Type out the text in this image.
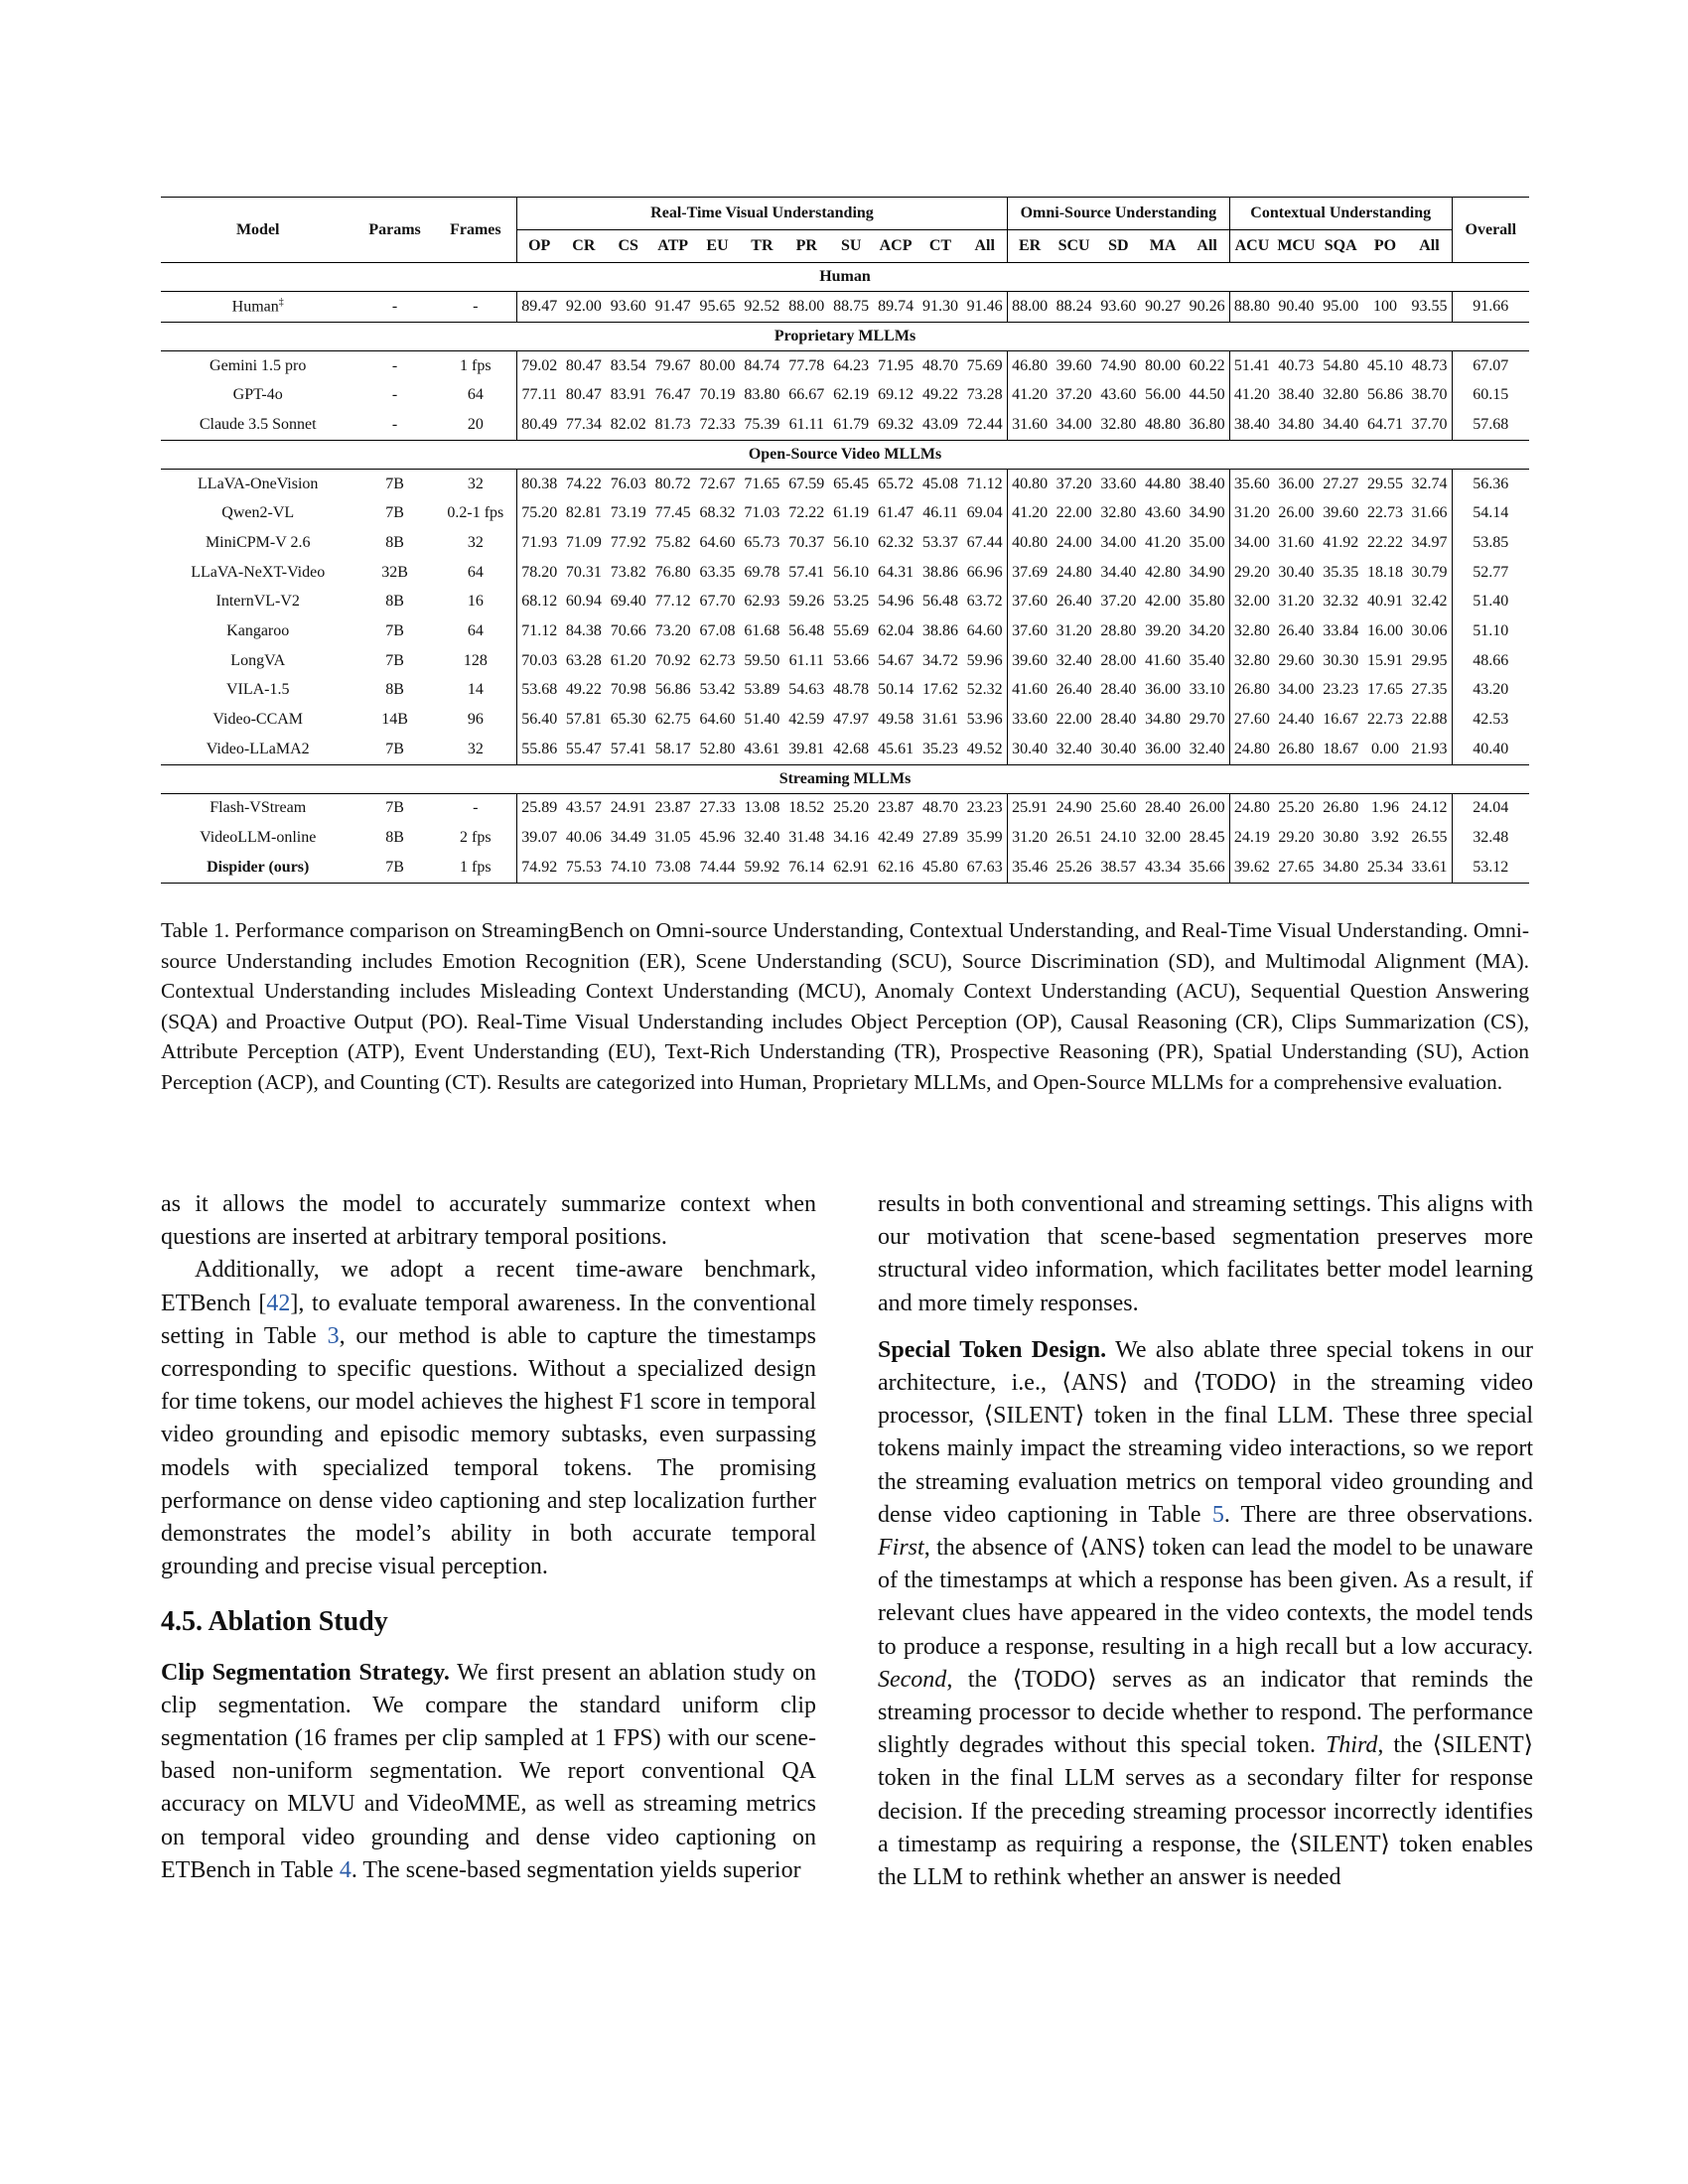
Model	Params	Frames	Real-Time Visual Understanding											Omni-Source Understanding					Contextual Understanding					Overall
			OP	CR	CS	ATP	EU	TR	PR	SU	ACP	CT	All	ER	SCU	SD	MA	All	ACU	MCU	SQA	PO	All	
Human																								
Human‡	-	-	89.47	92.00	93.60	91.47	95.65	92.52	88.00	88.75	89.74	91.30	91.46	88.00	88.24	93.60	90.27	90.26	88.80	90.40	95.00	100	93.55	91.66
Proprietary MLLMs																								
Gemini 1.5 pro	-	1 fps	79.02	80.47	83.54	79.67	80.00	84.74	77.78	64.23	71.95	48.70	75.69	46.80	39.60	74.90	80.00	60.22	51.41	40.73	54.80	45.10	48.73	67.07
GPT-4o	-	64	77.11	80.47	83.91	76.47	70.19	83.80	66.67	62.19	69.12	49.22	73.28	41.20	37.20	43.60	56.00	44.50	41.20	38.40	32.80	56.86	38.70	60.15
Claude 3.5 Sonnet	-	20	80.49	77.34	82.02	81.73	72.33	75.39	61.11	61.79	69.32	43.09	72.44	31.60	34.00	32.80	48.80	36.80	38.40	34.80	34.40	64.71	37.70	57.68
Open-Source Video MLLMs																								
LLaVA-OneVision	7B	32	80.38	74.22	76.03	80.72	72.67	71.65	67.59	65.45	65.72	45.08	71.12	40.80	37.20	33.60	44.80	38.40	35.60	36.00	27.27	29.55	32.74	56.36
Qwen2-VL	7B	0.2-1 fps	75.20	82.81	73.19	77.45	68.32	71.03	72.22	61.19	61.47	46.11	69.04	41.20	22.00	32.80	43.60	34.90	31.20	26.00	39.60	22.73	31.66	54.14
MiniCPM-V 2.6	8B	32	71.93	71.09	77.92	75.82	64.60	65.73	70.37	56.10	62.32	53.37	67.44	40.80	24.00	34.00	41.20	35.00	34.00	31.60	41.92	22.22	34.97	53.85
LLaVA-NeXT-Video	32B	64	78.20	70.31	73.82	76.80	63.35	69.78	57.41	56.10	64.31	38.86	66.96	37.69	24.80	34.40	42.80	34.90	29.20	30.40	35.35	18.18	30.79	52.77
InternVL-V2	8B	16	68.12	60.94	69.40	77.12	67.70	62.93	59.26	53.25	54.96	56.48	63.72	37.60	26.40	37.20	42.00	35.80	32.00	31.20	32.32	40.91	32.42	51.40
Kangaroo	7B	64	71.12	84.38	70.66	73.20	67.08	61.68	56.48	55.69	62.04	38.86	64.60	37.60	31.20	28.80	39.20	34.20	32.80	26.40	33.84	16.00	30.06	51.10
LongVA	7B	128	70.03	63.28	61.20	70.92	62.73	59.50	61.11	53.66	54.67	34.72	59.96	39.60	32.40	28.00	41.60	35.40	32.80	29.60	30.30	15.91	29.95	48.66
VILA-1.5	8B	14	53.68	49.22	70.98	56.86	53.42	53.89	54.63	48.78	50.14	17.62	52.32	41.60	26.40	28.40	36.00	33.10	26.80	34.00	23.23	17.65	27.35	43.20
Video-CCAM	14B	96	56.40	57.81	65.30	62.75	64.60	51.40	42.59	47.97	49.58	31.61	53.96	33.60	22.00	28.40	34.80	29.70	27.60	24.40	16.67	22.73	22.88	42.53
Video-LLaMA2	7B	32	55.86	55.47	57.41	58.17	52.80	43.61	39.81	42.68	45.61	35.23	49.52	30.40	32.40	30.40	36.00	32.40	24.80	26.80	18.67	0.00	21.93	40.40
Streaming MLLMs																								
Flash-VStream	7B	-	25.89	43.57	24.91	23.87	27.33	13.08	18.52	25.20	23.87	48.70	23.23	25.91	24.90	25.60	28.40	26.00	24.80	25.20	26.80	1.96	24.12	24.04
VideoLLM-online	8B	2 fps	39.07	40.06	34.49	31.05	45.96	32.40	31.48	34.16	42.49	27.89	35.99	31.20	26.51	24.10	32.00	28.45	24.19	29.20	30.80	3.92	26.55	32.48
Dispider (ours)	7B	1 fps	74.92	75.53	74.10	73.08	74.44	59.92	76.14	62.91	62.16	45.80	67.63	35.46	25.26	38.57	43.34	35.66	39.62	27.65	34.80	25.34	33.61	53.12
Table 1. Performance comparison on StreamingBench on Omni-source Understanding, Contextual Understanding, and Real-Time Visual Understanding. Omni-source Understanding includes Emotion Recognition (ER), Scene Understanding (SCU), Source Discrimination (SD), and Multimodal Alignment (MA). Contextual Understanding includes Misleading Context Understanding (MCU), Anomaly Context Understanding (ACU), Sequential Question Answering (SQA) and Proactive Output (PO). Real-Time Visual Understanding includes Object Perception (OP), Causal Reasoning (CR), Clips Summarization (CS), Attribute Perception (ATP), Event Understanding (EU), Text-Rich Understanding (TR), Prospective Reasoning (PR), Spatial Understanding (SU), Action Perception (ACP), and Counting (CT). Results are categorized into Human, Proprietary MLLMs, and Open-Source MLLMs for a comprehensive evaluation.

as it allows the model to accurately summarize context when questions are inserted at arbitrary temporal positions.

Additionally, we adopt a recent time-aware benchmark, ETBench [42], to evaluate temporal awareness. In the conventional setting in Table 3, our method is able to capture the timestamps corresponding to specific questions. Without a specialized design for time tokens, our model achieves the highest F1 score in temporal video grounding and episodic memory subtasks, even surpassing models with specialized temporal tokens. The promising performance on dense video captioning and step localization further demonstrates the model’s ability in both accurate temporal grounding and precise visual perception.

4.5. Ablation Study

Clip Segmentation Strategy. We first present an ablation study on clip segmentation. We compare the standard uniform clip segmentation (16 frames per clip sampled at 1 FPS) with our scene-based non-uniform segmentation. We report conventional QA accuracy on MLVU and VideoMME, as well as streaming metrics on temporal video grounding and dense video captioning on ETBench in Table 4. The scene-based segmentation yields superior

results in both conventional and streaming settings. This aligns with our motivation that scene-based segmentation preserves more structural video information, which facilitates better model learning and more timely responses.

Special Token Design. We also ablate three special tokens in our architecture, i.e., ⟨ANS⟩ and ⟨TODO⟩ in the streaming video processor, ⟨SILENT⟩ token in the final LLM. These three special tokens mainly impact the streaming video interactions, so we report the streaming evaluation metrics on temporal video grounding and dense video captioning in Table 5. There are three observations. First, the absence of ⟨ANS⟩ token can lead the model to be unaware of the timestamps at which a response has been given. As a result, if relevant clues have appeared in the video contexts, the model tends to produce a response, resulting in a high recall but a low accuracy. Second, the ⟨TODO⟩ serves as an indicator that reminds the streaming processor to decide whether to respond. The performance slightly degrades without this special token. Third, the ⟨SILENT⟩ token in the final LLM serves as a secondary filter for response decision. If the preceding streaming processor incorrectly identifies a timestamp as requiring a response, the ⟨SILENT⟩ token enables the LLM to rethink whether an answer is needed
